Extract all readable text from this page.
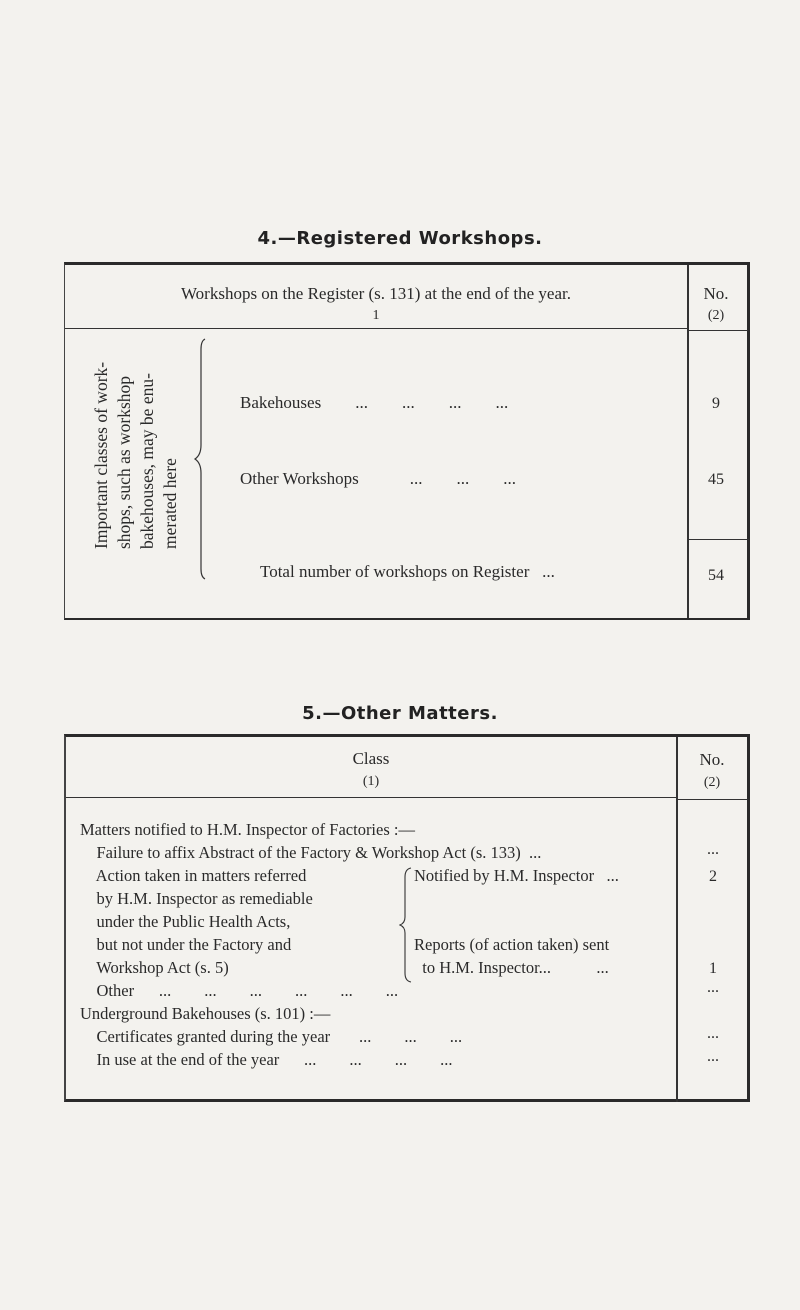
4.—Registered Workshops.
Workshops on the Register (s. 131) at the end of the year.
1
No.
(2)
Important classes of work- shops, such as workshop bakehouses, may be enu- merated here
Bakehouses        ...        ...        ...        ...	9
Other Workshops            ...        ...        ...	45
Total number of workshops on Register   ...	54
5.—Other Matters.
Class
(1)
No.
(2)
Matters notified to H.M. Inspector of Factories :—
Failure to affix Abstract of the Factory & Workshop Act (s. 133)  ...	...
Action taken in matters referred
by H.M. Inspector as remediable
under the Public Health Acts,
but not under the Factory and
Workshop Act (s. 5)
Notified by H.M. Inspector   ...	2
Reports (of action taken) sent
to H.M. Inspector...           ...	1
Other      ...        ...        ...        ...        ...        ...	...
Underground Bakehouses (s. 101) :—
Certificates granted during the year       ...        ...        ...	...
In use at the end of the year      ...        ...        ...        ...	...
